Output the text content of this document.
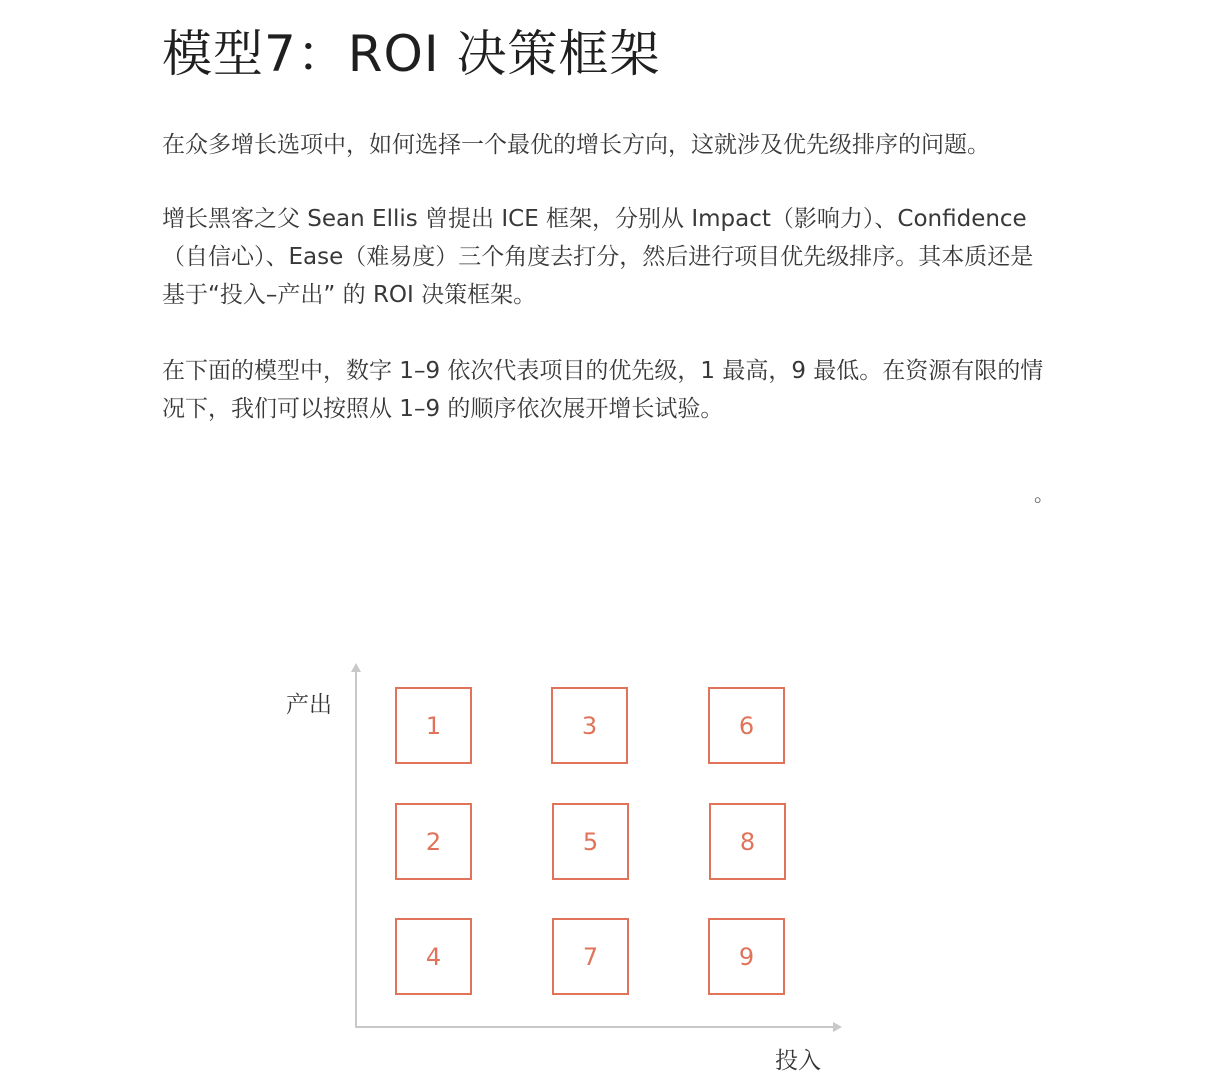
模型7：ROI 决策框架

在众多增长选项中，如何选择一个最优的增长方向，这就涉及优先级排序的问题。

增长黑客之父 Sean Ellis 曾提出 ICE 框架，分别从 Impact（影响力）、Confidence（自信心）、Ease（难易度）三个角度去打分，然后进行项目优先级排序。其本质还是基于“投入–产出” 的 ROI 决策框架。

在下面的模型中，数字 1–9 依次代表项目的优先级，1 最高，9 最低。在资源有限的情况下，我们可以按照从 1–9 的顺序依次展开增长试验。

。
产出
投入
1	3	6
2	5	8
4	7	9
